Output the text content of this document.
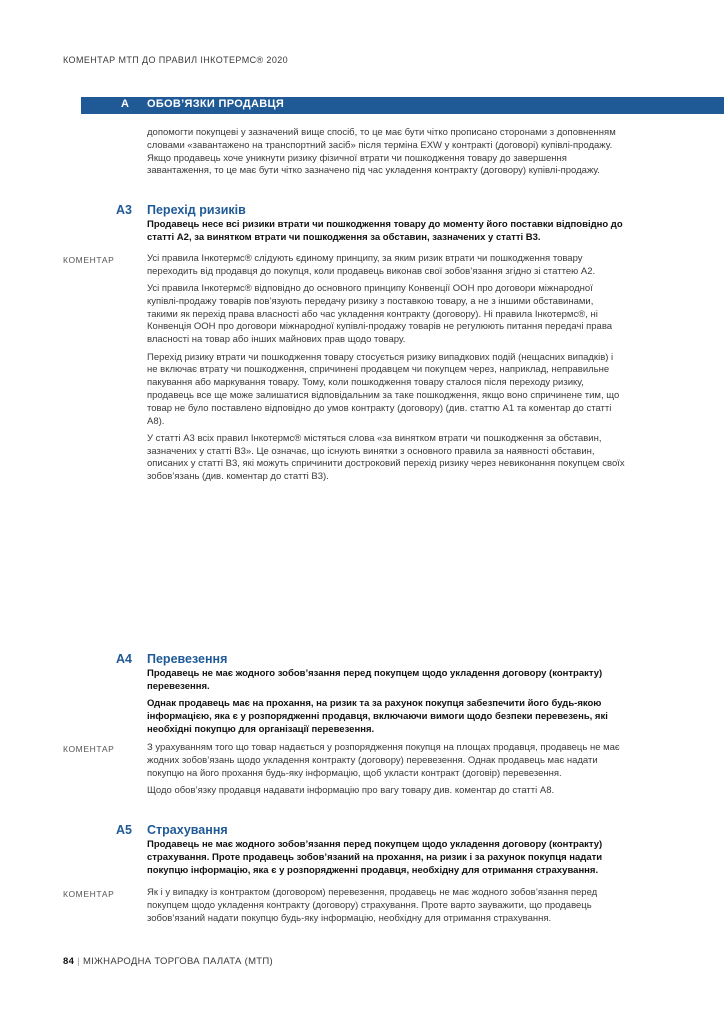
КОМЕНТАР МТП ДО ПРАВИЛ ІНКОТЕРМС® 2020
A ОБОВ’ЯЗКИ ПРОДАВЦЯ

допомогти покупцеві у зазначений вище спосіб, то це має бути чітко прописано сторонами з доповненням словами «завантажено на транспортний засіб» після терміна EXW у контракті (договорі) купівлі-продажу. Якщо продавець хоче уникнути ризику фізичної втрати чи пошкодження товару до завершення завантаження, то це має бути чітко зазначено під час укладення контракту (договору) купівлі-продажу.

A3 Перехід ризиків

Продавець несе всі ризики втрати чи пошкодження товару до моменту його поставки відповідно до статті A2, за винятком втрати чи пошкодження за обставин, зазначених у статті B3.

КОМЕНТАР	Усі правила Інкотермс® слідують єдиному принципу, за яким ризик втрати чи пошкодження товару переходить від продавця до покупця, коли продавець виконав свої зобов’язання згідно зі статтею A2.

Усі правила Інкотермс® відповідно до основного принципу Конвенції ООН про договори міжнародної купівлі-продажу товарів пов’язують передачу ризику з поставкою товару, а не з іншими обставинами, такими як перехід права власності або час укладення контракту (договору). Ні правила Інкотермс®, ні Конвенція ООН про договори міжнародної купівлі-продажу товарів не регулюють питання передачі права власності на товар або інших майнових прав щодо товару.

Перехід ризику втрати чи пошкодження товару стосується ризику випадкових подій (нещасних випадків) і не включає втрату чи пошкодження, спричинені продавцем чи покупцем через, наприклад, неправильне пакування або маркування товару. Тому, коли пошкодження товару сталося після переходу ризику, продавець все ще може залишатися відповідальним за таке пошкодження, якщо воно спричинене тим, що товар не було поставлено відповідно до умов контракту (договору) (див. статтю A1 та коментар до статті A8).

У статті A3 всіх правил Інкотермс® містяться слова «за винятком втрати чи пошкодження за обставин, зазначених у статті B3». Це означає, що існують винятки з основного правила за наявності обставин, описаних у статті B3, які можуть спричинити достроковий перехід ризику через невиконання покупцем своїх зобов’язань (див. коментар до статті B3).

A4 Перевезення

Продавець не має жодного зобов’язання перед покупцем щодо укладення договору (контракту) перевезення.

Однак продавець має на прохання, на ризик та за рахунок покупця забезпечити його будь-якою інформацією, яка є у розпорядженні продавця, включаючи вимоги щодо безпеки перевезень, які необхідні покупцю для організації перевезення.

КОМЕНТАР	З урахуванням того що товар надається у розпорядження покупця на площах продавця, продавець не має жодних зобов’язань щодо укладення контракту (договору) перевезення. Однак продавець має надати покупцю на його прохання будь-яку інформацію, щоб укласти контракт (договір) перевезення.

Щодо обов’язку продавця надавати інформацію про вагу товару див. коментар до статті A8.

A5 Страхування

Продавець не має жодного зобов’язання перед покупцем щодо укладення договору (контракту) страхування. Проте продавець зобов’язаний на прохання, на ризик і за рахунок покупця надати покупцю інформацію, яка є у розпорядженні продавця, необхідну для отримання страхування.

КОМЕНТАР	Як і у випадку із контрактом (договором) перевезення, продавець не має жодного зобов’язання перед покупцем щодо укладення контракту (договору) страхування. Проте варто зауважити, що продавець зобов’язаний надати покупцю будь-яку інформацію, необхідну для отримання страхування.

84 | МІЖНАРОДНА ТОРГОВА ПАЛАТА (МТП)
